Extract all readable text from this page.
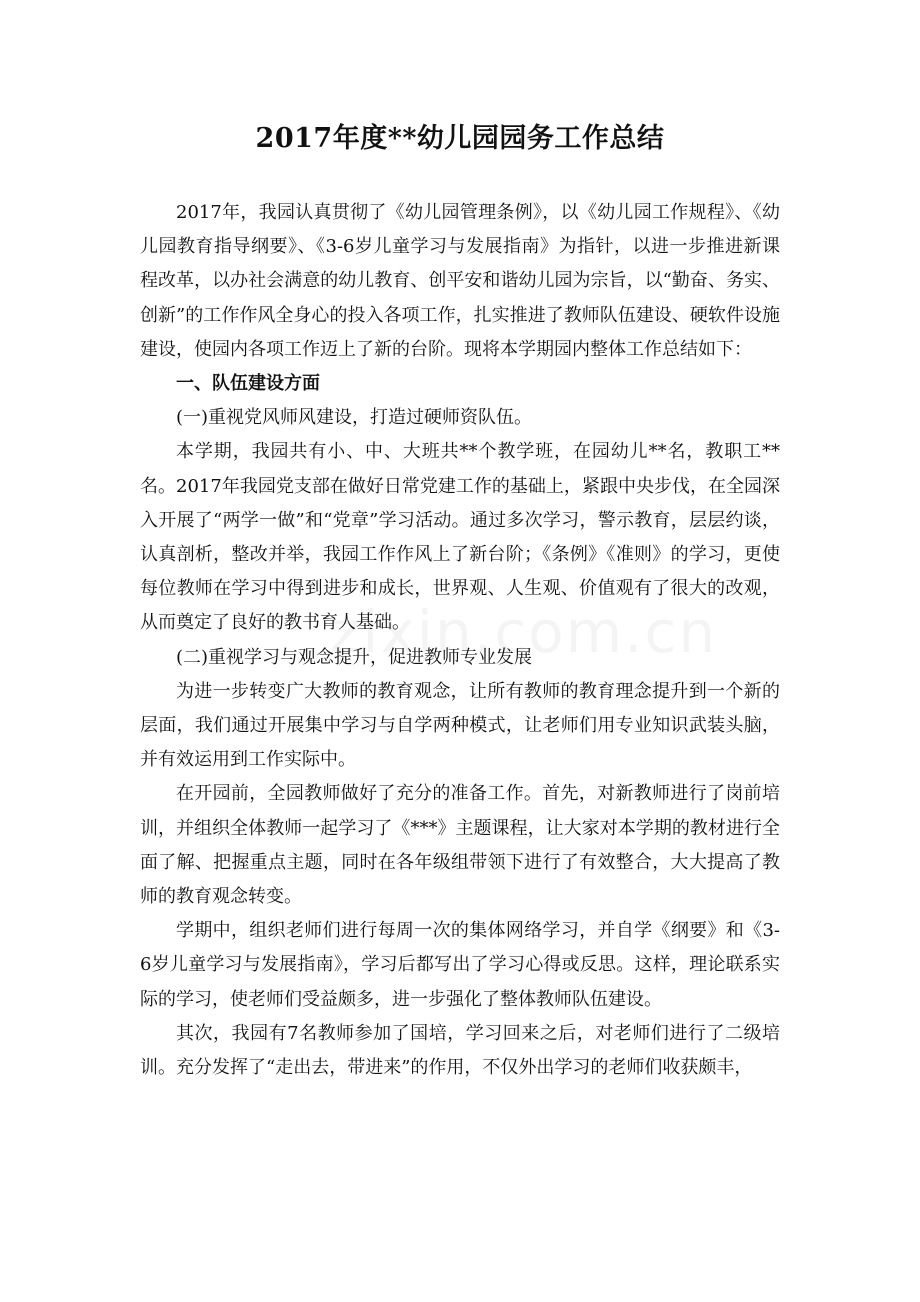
2017年度**幼儿园园务工作总结

2017年，我园认真贯彻了《幼儿园管理条例》，以《幼儿园工作规程》、《幼儿园教育指导纲要》、《3-6岁儿童学习与发展指南》为指针，以进一步推进新课程改革，以办社会满意的幼儿教育、创平安和谐幼儿园为宗旨，以“勤奋、务实、创新”的工作作风全身心的投入各项工作，扎实推进了教师队伍建设、硬软件设施建设，使园内各项工作迈上了新的台阶。现将本学期园内整体工作总结如下：

一、队伍建设方面

(一)重视党风师风建设，打造过硬师资队伍。

本学期，我园共有小、中、大班共**个教学班，在园幼儿**名，教职工**名。2017年我园党支部在做好日常党建工作的基础上，紧跟中央步伐，在全园深入开展了“两学一做”和“党章”学习活动。通过多次学习，警示教育，层层约谈，认真剖析，整改并举，我园工作作风上了新台阶；《条例》《准则》的学习，更使每位教师在学习中得到进步和成长，世界观、人生观、价值观有了很大的改观，从而奠定了良好的教书育人基础。

(二)重视学习与观念提升，促进教师专业发展

为进一步转变广大教师的教育观念，让所有教师的教育理念提升到一个新的层面，我们通过开展集中学习与自学两种模式，让老师们用专业知识武装头脑，并有效运用到工作实际中。

在开园前，全园教师做好了充分的准备工作。首先，对新教师进行了岗前培训，并组织全体教师一起学习了《***》主题课程，让大家对本学期的教材进行全面了解、把握重点主题，同时在各年级组带领下进行了有效整合，大大提高了教师的教育观念转变。

学期中，组织老师们进行每周一次的集体网络学习，并自学《纲要》和《3-6岁儿童学习与发展指南》，学习后都写出了学习心得或反思。这样，理论联系实际的学习，使老师们受益颇多，进一步强化了整体教师队伍建设。

其次，我园有7名教师参加了国培，学习回来之后，对老师们进行了二级培训。充分发挥了“走出去，带进来”的作用，不仅外出学习的老师们收获颇丰，
